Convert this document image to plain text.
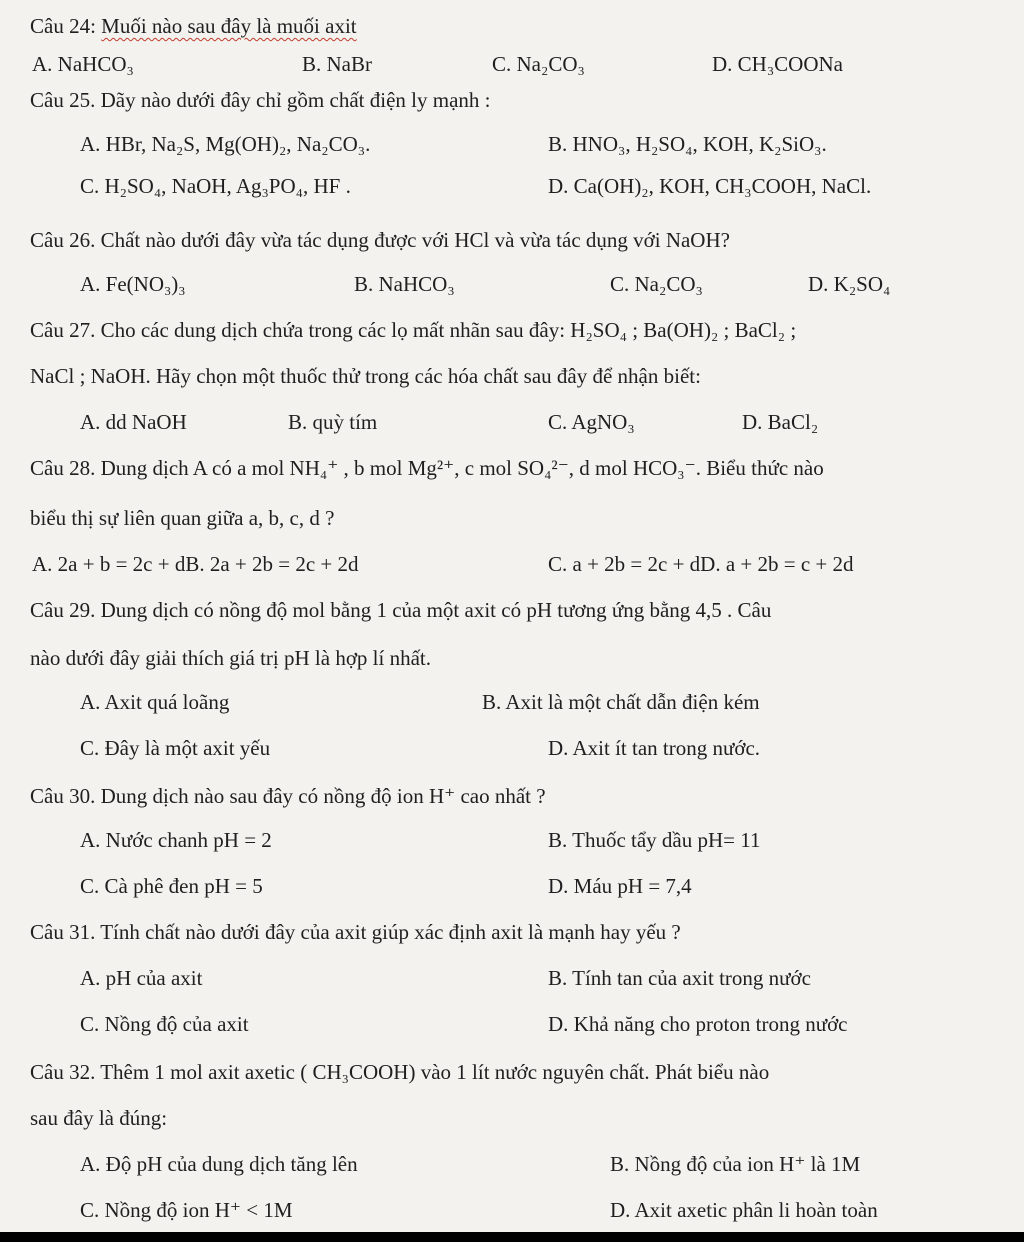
Câu 24: Muối nào sau đây là muối axit
A. NaHCO₃	B. NaBr	C. Na₂CO₃	D. CH₃COONa
Câu 25. Dãy nào dưới đây chỉ gồm chất điện ly mạnh :
A. HBr, Na₂S, Mg(OH)₂, Na₂CO₃.	B. HNO₃, H₂SO₄, KOH, K₂SiO₃.
C. H₂SO₄, NaOH, Ag₃PO₄, HF .	D. Ca(OH)₂, KOH, CH₃COOH, NaCl.
Câu 26. Chất nào dưới đây vừa tác dụng được với HCl và vừa tác dụng với NaOH?
A. Fe(NO₃)₃	B. NaHCO₃	C. Na₂CO₃	D. K₂SO₄
Câu 27. Cho các dung dịch chứa trong các lọ mất nhãn sau đây: H₂SO₄ ; Ba(OH)₂ ; BaCl₂ ;
NaCl ; NaOH. Hãy chọn một thuốc thử trong các hóa chất sau đây để nhận biết:
A. dd NaOH	B. quỳ tím	C. AgNO₃	D. BaCl₂
Câu 28. Dung dịch A có a mol NH₄⁺ , b mol Mg²⁺, c mol SO₄²⁻, d mol HCO₃⁻. Biểu thức nào
biểu thị sự liên quan giữa a, b, c, d ?
A. 2a + b = 2c + dB. 2a + 2b = 2c + 2d	C. a + 2b = 2c + dD. a + 2b = c + 2d
Câu 29. Dung dịch có nồng độ mol bằng 1 của một axit có pH tương ứng bằng 4,5 . Câu
nào dưới đây giải thích giá trị pH là hợp lí nhất.
A. Axit quá loãng	B. Axit là một chất dẫn điện kém
C. Đây là một axit yếu	D. Axit ít tan trong nước.
Câu 30. Dung dịch nào sau đây có nồng độ ion H⁺ cao nhất ?
A. Nước chanh pH = 2	B. Thuốc tẩy dầu pH= 11
C. Cà phê đen pH = 5	D. Máu pH = 7,4
Câu 31. Tính chất nào dưới đây của axit giúp xác định axit là mạnh hay yếu ?
A. pH của axit	B. Tính tan của axit trong nước
C. Nồng độ của axit	D. Khả năng cho proton trong nước
Câu 32. Thêm 1 mol axit axetic ( CH₃COOH) vào 1 lít nước nguyên chất. Phát biểu nào
sau đây là đúng:
A. Độ pH của dung dịch tăng lên	B. Nồng độ của ion H⁺ là 1M
C. Nồng độ ion H⁺ < 1M	D. Axit axetic phân li hoàn toàn
